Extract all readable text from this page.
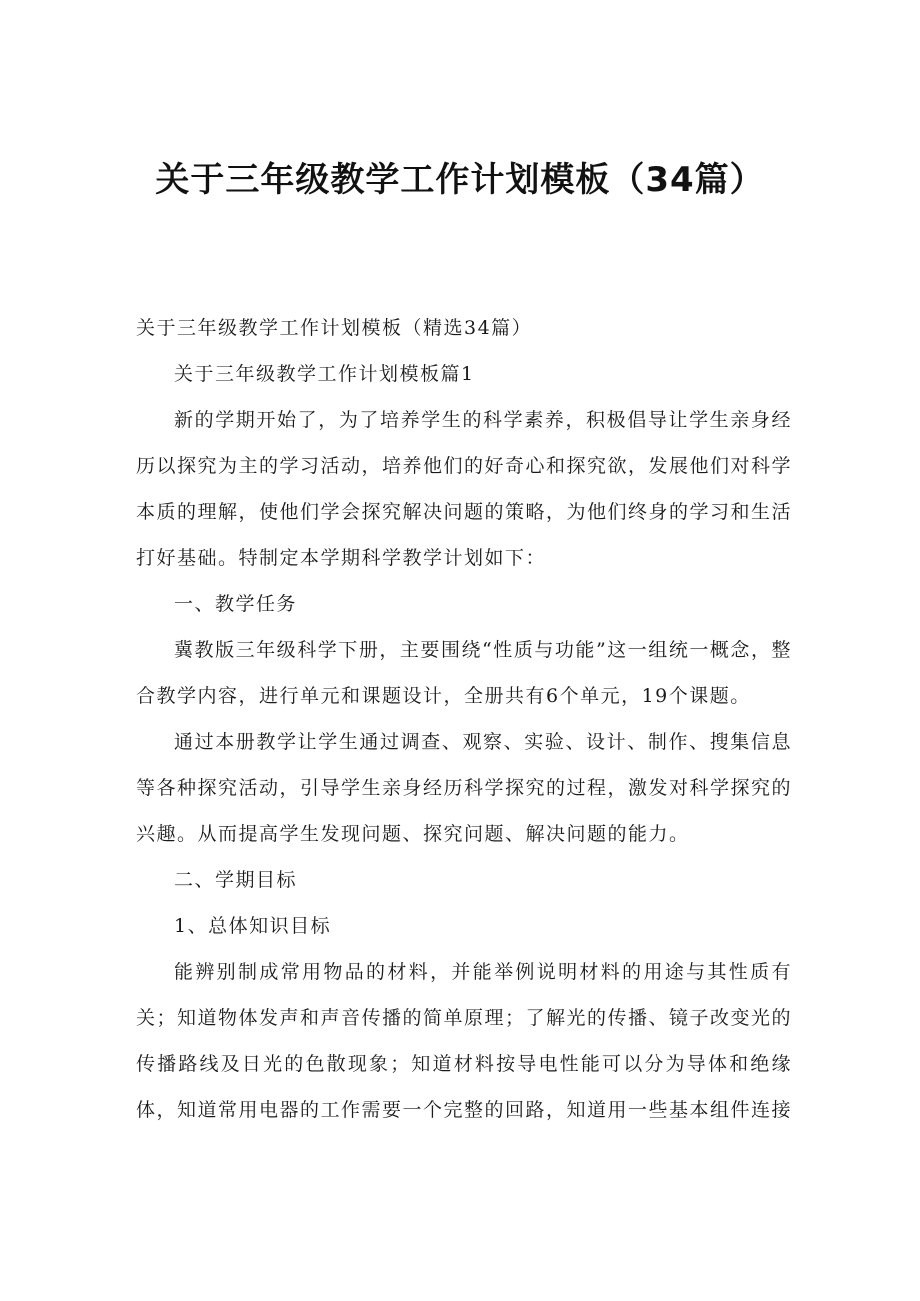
关于三年级教学工作计划模板（34篇）

关于三年级教学工作计划模板（精选34篇）

关于三年级教学工作计划模板篇1

新的学期开始了，为了培养学生的科学素养，积极倡导让学生亲身经历以探究为主的学习活动，培养他们的好奇心和探究欲，发展他们对科学本质的理解，使他们学会探究解决问题的策略，为他们终身的学习和生活打好基础。特制定本学期科学教学计划如下：

一、教学任务

冀教版三年级科学下册，主要围绕“性质与功能”这一组统一概念，整合教学内容，进行单元和课题设计，全册共有6个单元，19个课题。

通过本册教学让学生通过调查、观察、实验、设计、制作、搜集信息等各种探究活动，引导学生亲身经历科学探究的过程，激发对科学探究的兴趣。从而提高学生发现问题、探究问题、解决问题的能力。

二、学期目标

1、总体知识目标

能辨别制成常用物品的材料，并能举例说明材料的用途与其性质有关；知道物体发声和声音传播的简单原理；了解光的传播、镜子改变光的传播路线及日光的色散现象；知道材料按导电性能可以分为导体和绝缘体，知道常用电器的工作需要一个完整的回路，知道用一些基本组件连接
